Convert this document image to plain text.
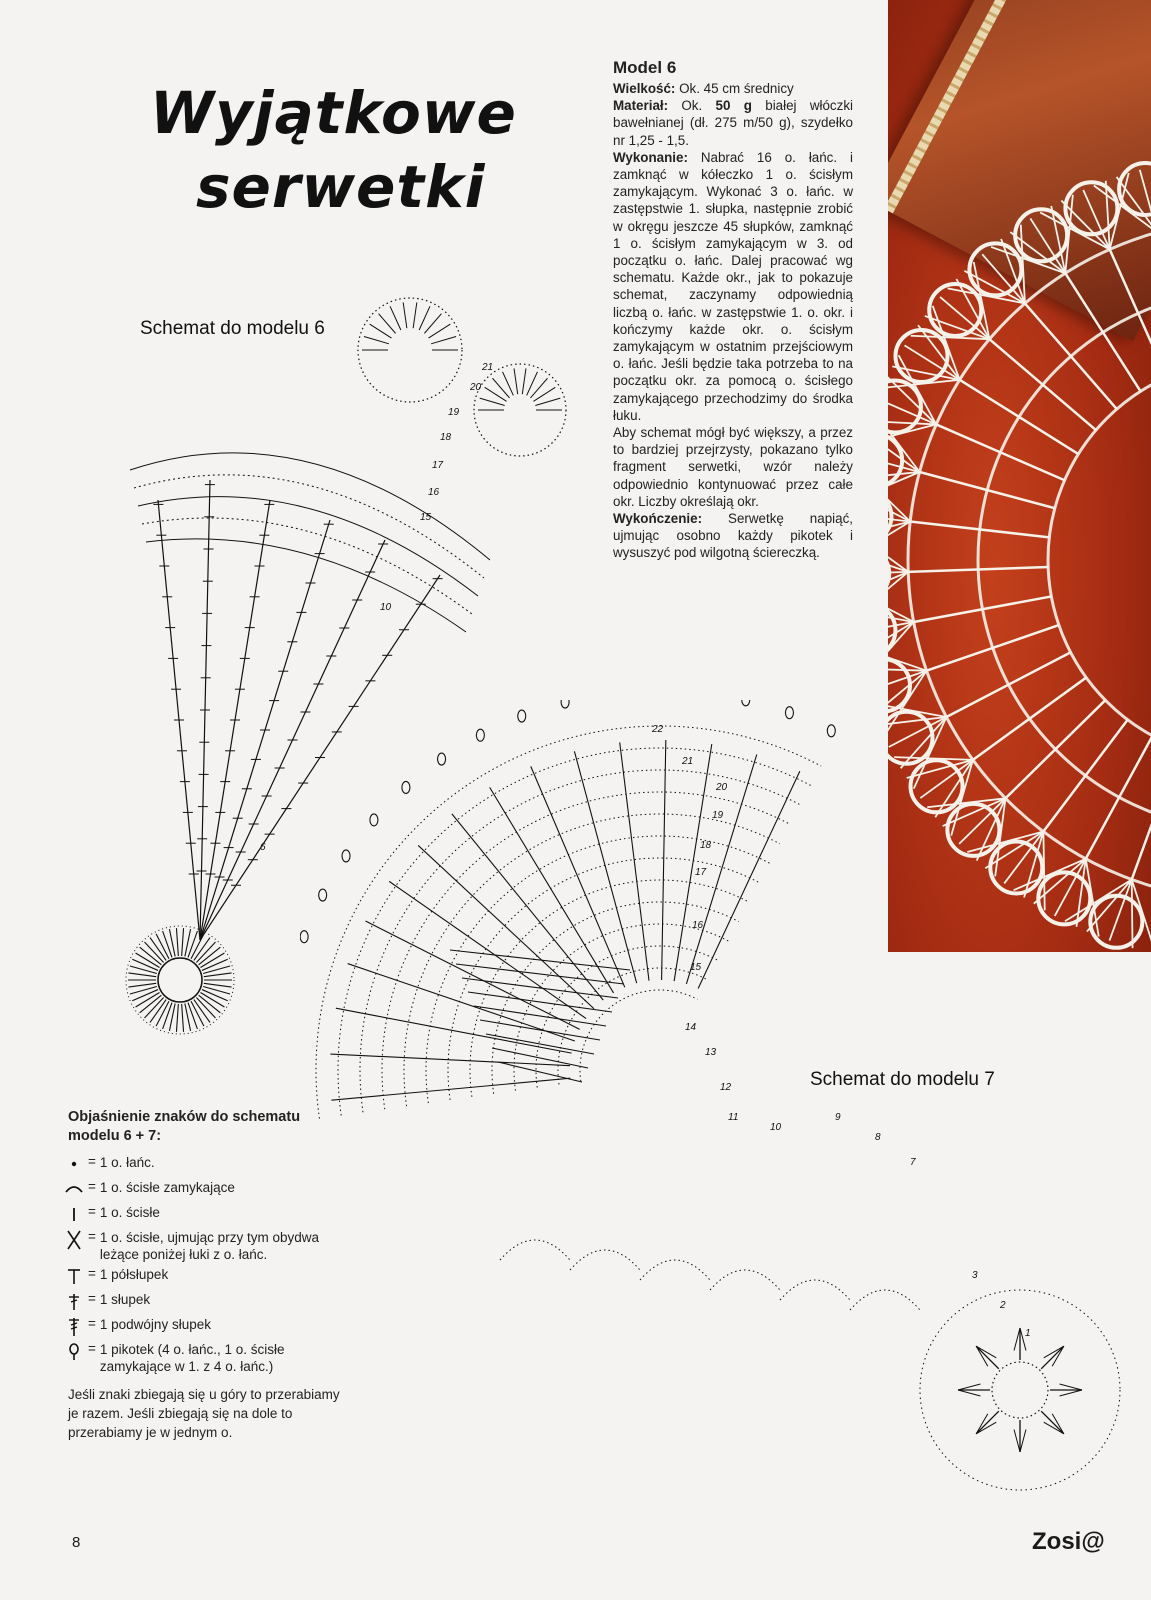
Wyjątkowe
serwetki
Model 6

Wielkość: Ok. 45 cm średnicy

Materiał: Ok. 50 g białej włóczki bawełnianej (dł. 275 m/50 g), szydełko nr 1,25 - 1,5.

Wykonanie: Nabrać 16 o. łańc. i zamknąć w kółeczko 1 o. ścisłym zamykającym. Wykonać 3 o. łańc. w zastępstwie 1. słupka, następnie zrobić w okręgu jeszcze 45 słupków, zamknąć 1 o. ścisłym zamykającym w 3. od początku o. łańc. Dalej pracować wg schematu. Każde okr., jak to pokazuje schemat, zaczynamy odpowiednią liczbą o. łańc. w zastępstwie 1. o. okr. i kończymy każde okr. o. ścisłym zamykającym w ostatnim przejściowym o. łańc. Jeśli będzie taka potrzeba to na początku okr. za pomocą o. ścisłego zamykającego przechodzimy do środka łuku.

Aby schemat mógł być większy, a przez to bardziej przejrzysty, pokazano tylko fragment serwetki, wzór należy odpowiednio kontynuować przez całe okr. Liczby określają okr.

Wykończenie: Serwetkę napiąć, ujmując osobno każdy pikotek i wysuszyć pod wilgotną ściereczką.

Schemat do modelu 6
Schemat do modelu 7
6
10
15
16
17
18
19
20
21
1
2
3
7
8
9
10
11
12
13
14
15
16
17
18
19
20
21
22
Objaśnienie znaków do schematu modelu 6 + 7:
= 1 o. łańc.
= 1 o. ścisłe zamykające
= 1 o. ścisłe
= 1 o. ścisłe, ujmując przy tym obydwa leżące poniżej łuki z o. łańc.
= 1 półsłupek
= 1 słupek
= 1 podwójny słupek
= 1 pikotek (4 o. łańc., 1 o. ścisłe zamykające w 1. z 4 o. łańc.)
Jeśli znaki zbiegają się u góry to przerabiamy je razem. Jeśli zbiegają się na dole to przerabiamy je w jednym o.
8	Zosi@
